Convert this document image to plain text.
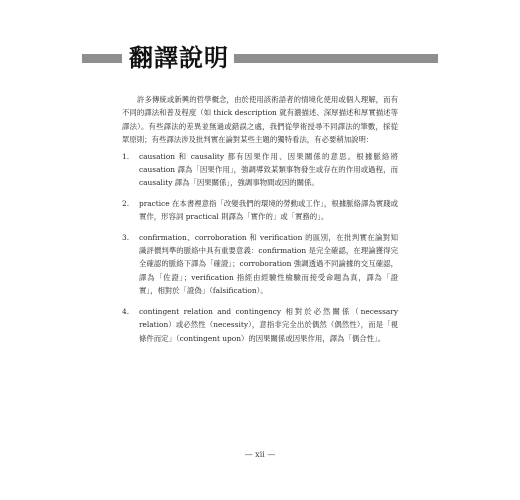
翻譯說明

許多傳統或新興的哲學概念，由於使用該術語者的情境化使用或個人理解，而有不同的譯法和普及程度（如 thick description 就有濃描述、深厚描述和厚實描述等譯法）。有些譯法的差異並無過或錯誤之處，我們從學術授尋不同譯法的筆數，採從眾原則；有些譯法涉及批判實在論對某些主題的獨特看法，有必要稍加說明：

1.	causation 和 causality 都有因果作用、因果關係的意思。根據脈絡將 causation 譯為「因果作用」，強調導致某類事物發生或存在的作用或過程，而 causality 譯為「因果關係」，強調事物間或因的關係。
2.	practice 在本書裡意指「改變我們的環境的勞動或工作」，根據脈絡譯為實踐或實作，形容詞 practical 則譯為「實作的」或「實務的」。
3.	confirmation、corroboration 和 verification 的區別，在批判實在論對知識評價判準的脈絡中具有重要意義：confirmation 是完全確認，在理論獲得完全確認的脈絡下譯為「確證」；corroboration 強調透過不同論據的交互確認，譯為「佐證」；verification 指經由經驗性檢驗而接受命題為真，譯為「證實」，相對於「證偽」（falsification）。
4.	contingent relation and contingency 相對於必然關係（necessary relation）或必然性（necessity），意指非完全出於偶然（偶然性），而是「視條件而定」（contingent upon）的因果關係或因果作用，譯為「偶合性」。
— xii —
